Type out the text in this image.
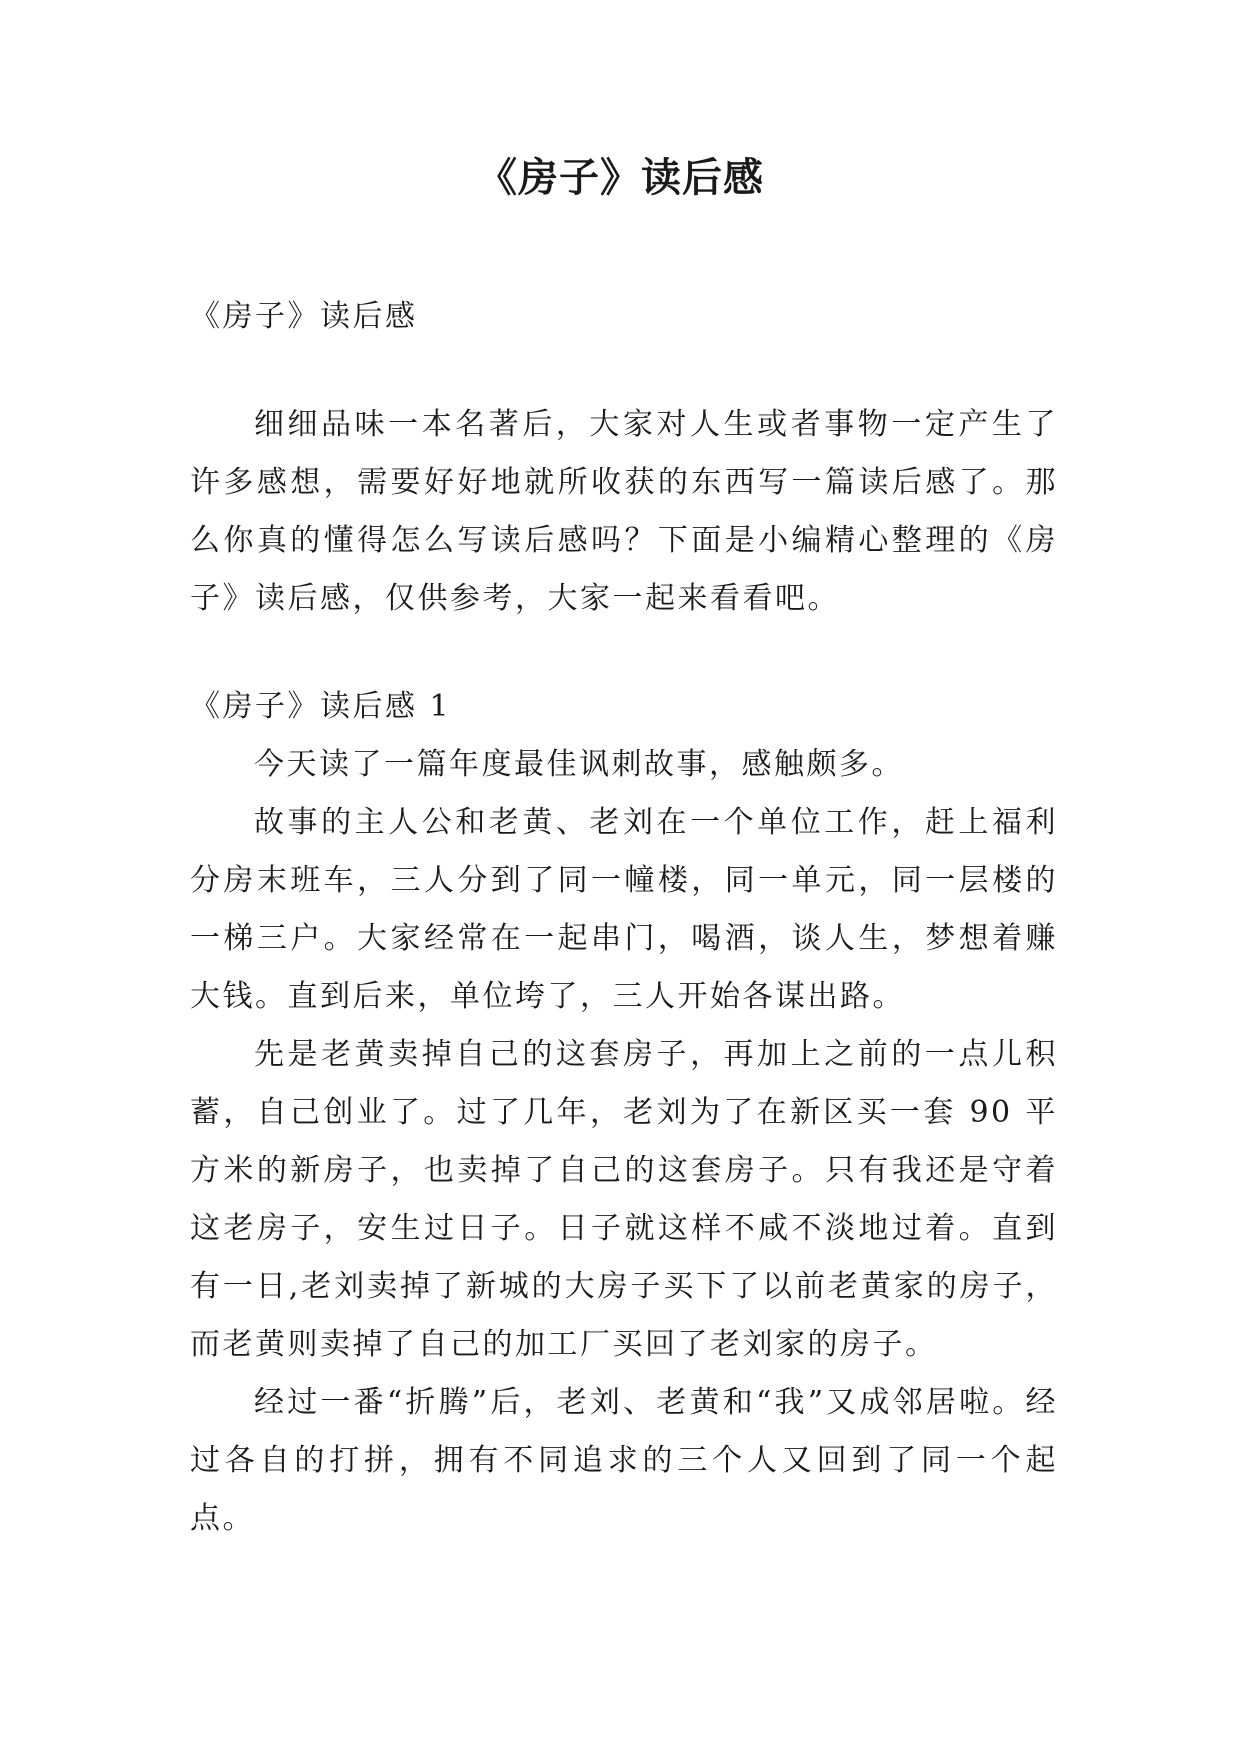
《房子》读后感

《房子》读后感

细细品味一本名著后，大家对人生或者事物一定产生了许多感想，需要好好地就所收获的东西写一篇读后感了。那么你真的懂得怎么写读后感吗？下面是小编精心整理的《房子》读后感，仅供参考，大家一起来看看吧。

《房子》读后感 1

今天读了一篇年度最佳讽刺故事，感触颇多。

故事的主人公和老黄、老刘在一个单位工作，赶上福利分房末班车，三人分到了同一幢楼，同一单元，同一层楼的一梯三户。大家经常在一起串门，喝酒，谈人生，梦想着赚大钱。直到后来，单位垮了，三人开始各谋出路。

先是老黄卖掉自己的这套房子，再加上之前的一点儿积蓄，自己创业了。过了几年，老刘为了在新区买一套 90 平方米的新房子，也卖掉了自己的这套房子。只有我还是守着这老房子，安生过日子。日子就这样不咸不淡地过着。直到有一日,老刘卖掉了新城的大房子买下了以前老黄家的房子，而老黄则卖掉了自己的加工厂买回了老刘家的房子。

经过一番“折腾”后，老刘、老黄和“我”又成邻居啦。经过各自的打拼，拥有不同追求的三个人又回到了同一个起点。
